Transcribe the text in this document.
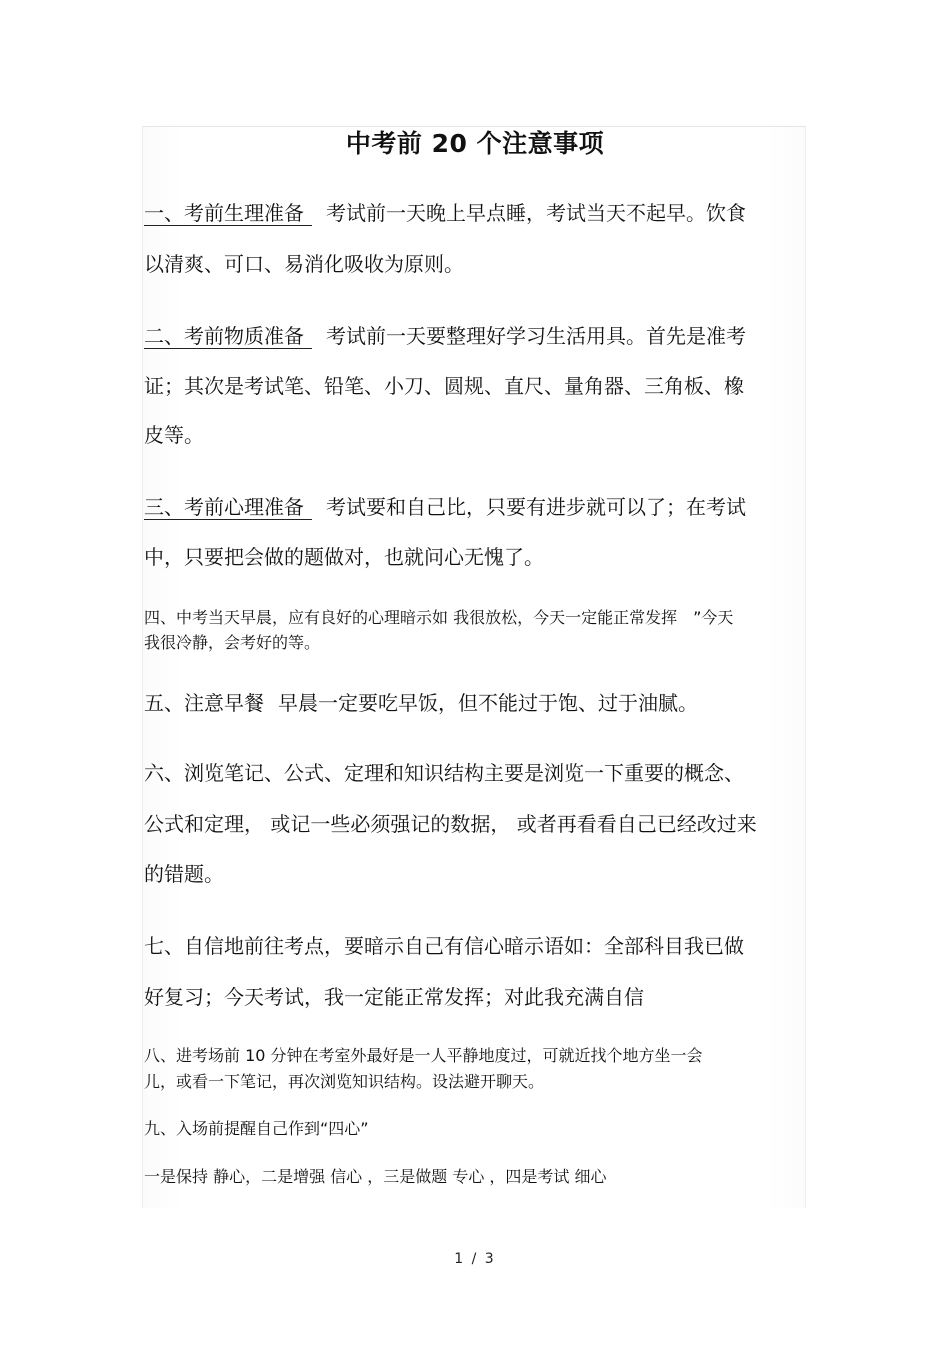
中考前 20 个注意事项

一、考前生理准备 考试前一天晚上早点睡，考试当天不起早。饮食

以清爽、可口、易消化吸收为原则。

二、考前物质准备 考试前一天要整理好学习生活用具。首先是准考

证；其次是考试笔、铅笔、小刀、圆规、直尺、量角器、三角板、橡

皮等。

三、考前心理准备 考试要和自己比，只要有进步就可以了；在考试

中，只要把会做的题做对，也就问心无愧了。

四、中考当天早晨，应有良好的心理暗示如 我很放松，今天一定能正常发挥　”今天

我很冷静，会考好的等。

五、注意早餐 早晨一定要吃早饭，但不能过于饱、过于油腻。

六、浏览笔记、公式、定理和知识结构主要是浏览一下重要的概念、

公式和定理， 或记一些必须强记的数据， 或者再看看自己已经改过来

的错题。

七、自信地前往考点，要暗示自己有信心暗示语如：全部科目我已做

好复习；今天考试，我一定能正常发挥；对此我充满自信

八、进考场前 10 分钟在考室外最好是一人平静地度过，可就近找个地方坐一会

儿，或看一下笔记，再次浏览知识结构。设法避开聊天。

九、入场前提醒自己作到“四心”

一是保持 静心，二是增强 信心 ，三是做题 专心 ，四是考试 细心

1 / 3
